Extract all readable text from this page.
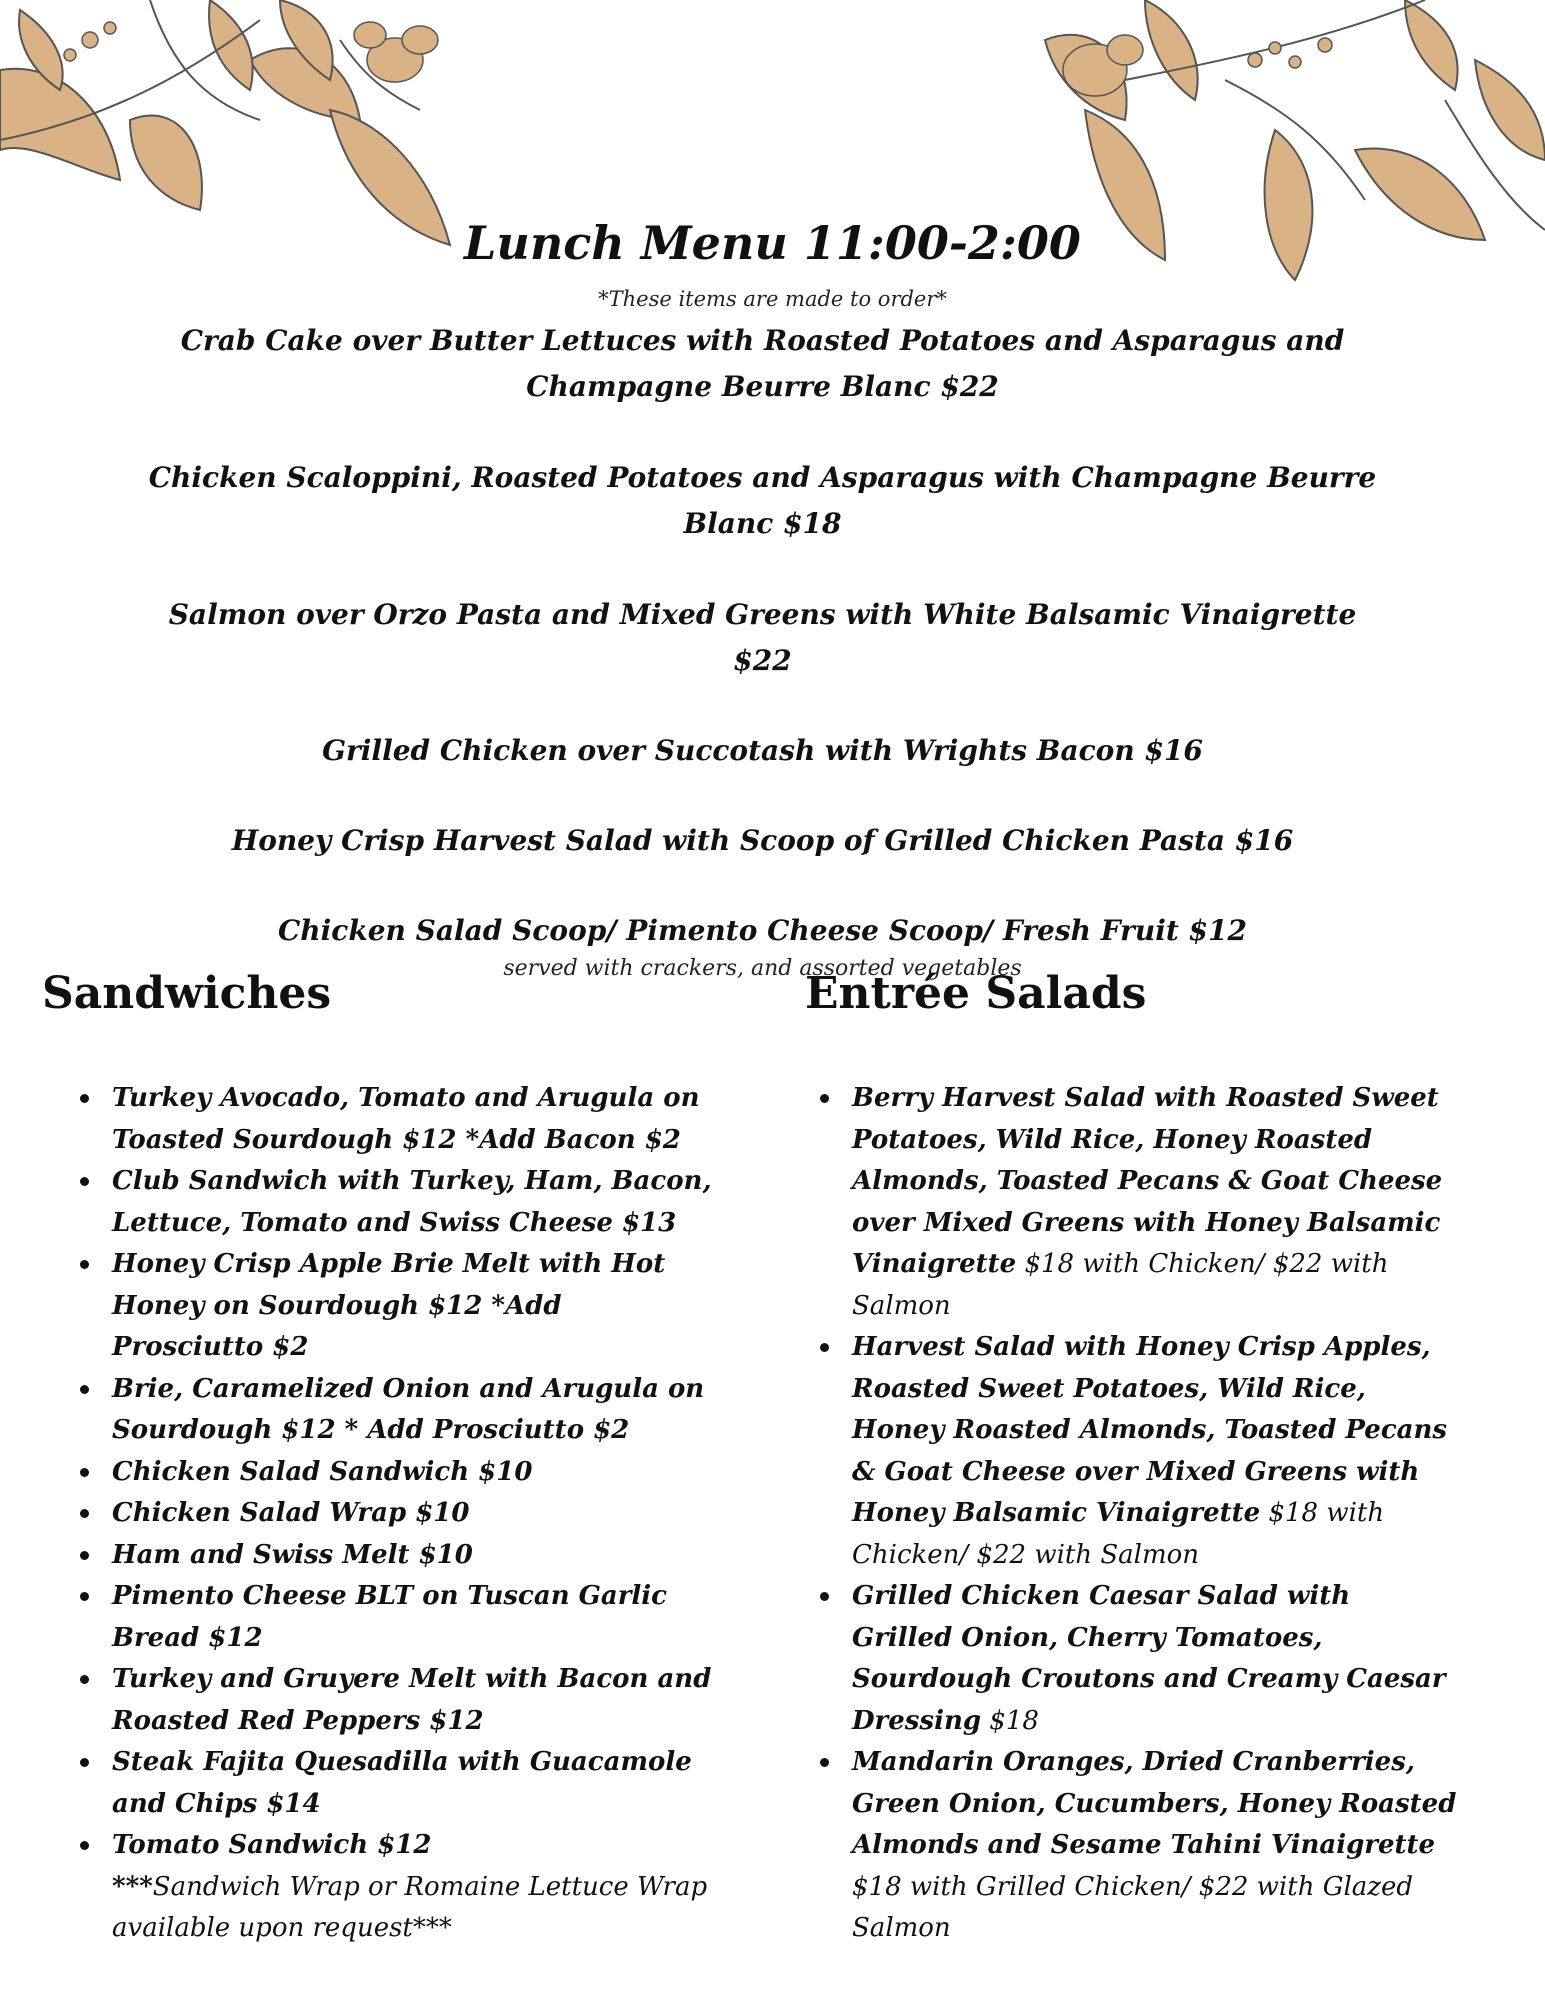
Lunch Menu 11:00-2:00
*These items are made to order*
Crab Cake over Butter Lettuces with Roasted Potatoes and Asparagus and Champagne Beurre Blanc $22
Chicken Scaloppini, Roasted Potatoes and Asparagus with Champagne Beurre Blanc $18
Salmon over Orzo Pasta and Mixed Greens with White Balsamic Vinaigrette $22
Grilled Chicken over Succotash with Wrights Bacon $16
Honey Crisp Harvest Salad with Scoop of Grilled Chicken Pasta $16
Chicken Salad Scoop/ Pimento Cheese Scoop/ Fresh Fruit $12
served with crackers, and assorted vegetables
Sandwiches	Entrée Salads
Turkey Avocado, Tomato and Arugula on Toasted Sourdough $12 *Add Bacon $2
Club Sandwich with Turkey, Ham, Bacon, Lettuce, Tomato and Swiss Cheese $13
Honey Crisp Apple Brie Melt with Hot Honey on Sourdough $12 *Add Prosciutto $2
Brie, Caramelized Onion and Arugula on Sourdough $12 * Add Prosciutto $2
Chicken Salad Sandwich $10
Chicken Salad Wrap $10
Ham and Swiss Melt $10
Pimento Cheese BLT on Tuscan Garlic Bread $12
Turkey and Gruyere Melt with Bacon and Roasted Red Peppers $12
Steak Fajita Quesadilla with Guacamole and Chips $14
Tomato Sandwich $12
***Sandwich Wrap or Romaine Lettuce Wrap available upon request***
Berry Harvest Salad with Roasted Sweet Potatoes, Wild Rice, Honey Roasted Almonds, Toasted Pecans & Goat Cheese over Mixed Greens with Honey Balsamic Vinaigrette $18 with Chicken/ $22 with Salmon
Harvest Salad with Honey Crisp Apples, Roasted Sweet Potatoes, Wild Rice, Honey Roasted Almonds, Toasted Pecans & Goat Cheese over Mixed Greens with Honey Balsamic Vinaigrette $18 with Chicken/ $22 with Salmon
Grilled Chicken Caesar Salad with Grilled Onion, Cherry Tomatoes, Sourdough Croutons and Creamy Caesar Dressing $18
Mandarin Oranges, Dried Cranberries, Green Onion, Cucumbers, Honey Roasted Almonds and Sesame Tahini Vinaigrette $18 with Grilled Chicken/ $22 with Glazed Salmon
